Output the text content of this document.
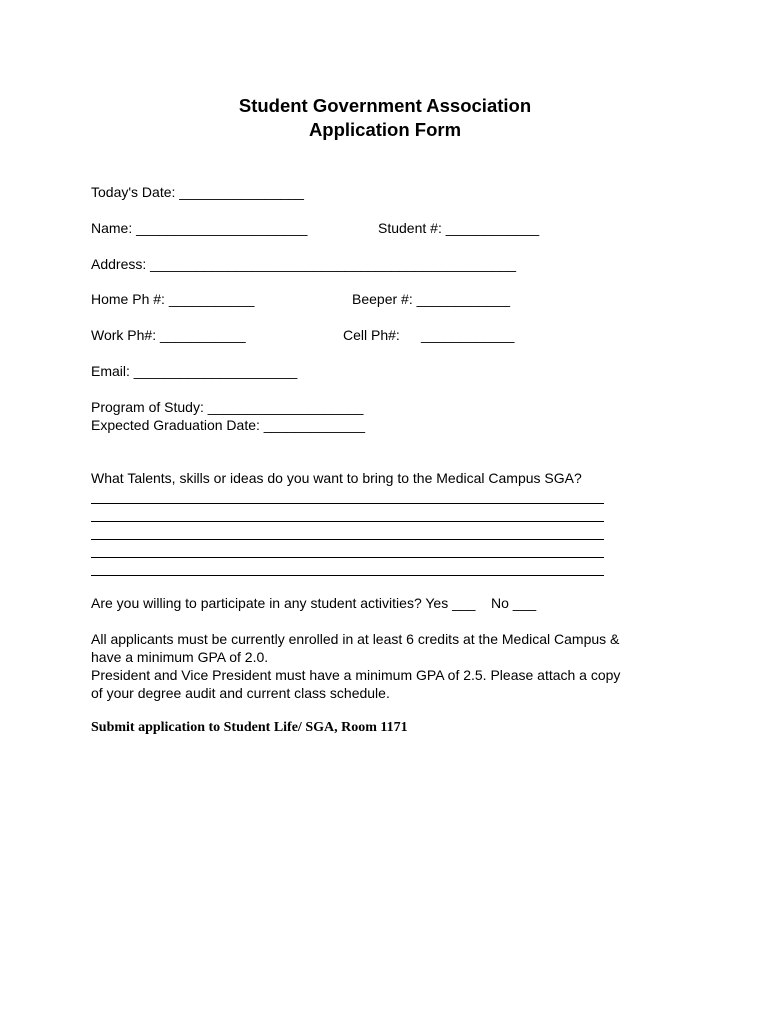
Student Government Association
Application Form
Today's Date: ________________
Name: ______________________	Student #: ____________
Address: _______________________________________________
Home Ph #: ___________	Beeper #: ____________
Work Ph#: ___________	Cell Ph#: ____________
Email: _____________________
Program of Study: ____________________
Expected Graduation Date: _____________
What Talents, skills or ideas do you want to bring to the Medical Campus SGA?
Are you willing to participate in any student activities? Yes ___    No ___
All applicants must be currently enrolled in at least 6 credits at the Medical Campus &
have a minimum GPA of 2.0.
President and Vice President must have a minimum GPA of 2.5. Please attach a copy
of your degree audit and current class schedule.
Submit application to Student Life/ SGA, Room 1171
